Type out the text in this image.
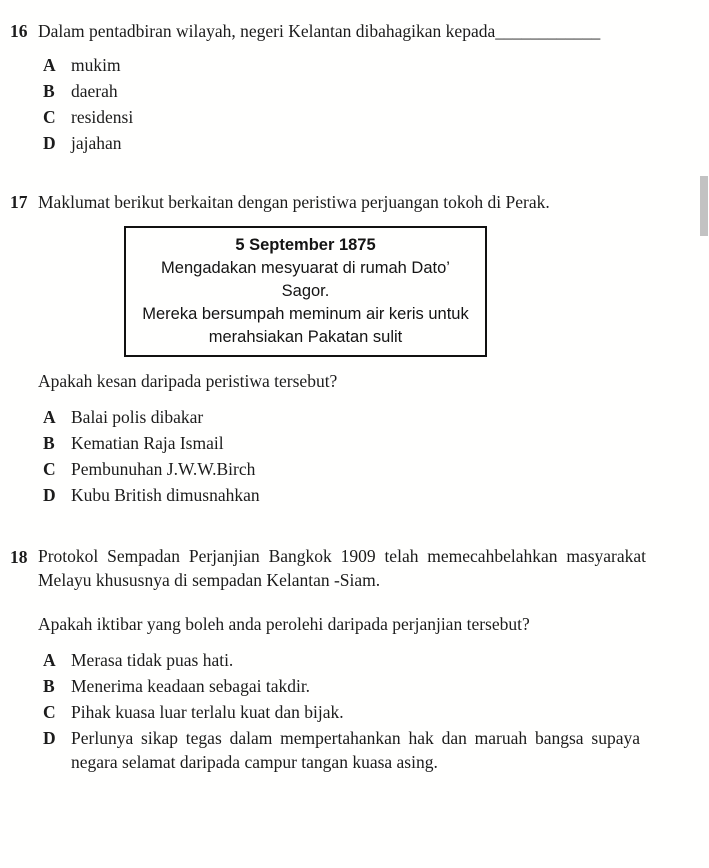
16 Dalam pentadbiran wilayah, negeri Kelantan dibahagikan kepada____________
A mukim
B daerah
C residensi
D jajahan
17 Maklumat berikut berkaitan dengan peristiwa perjuangan tokoh di Perak.
5 September 1875
Mengadakan mesyuarat di rumah Dato’ Sagor.
Mereka bersumpah meminum air keris untuk
merahsiakan Pakatan sulit
Apakah kesan daripada peristiwa tersebut?
A Balai polis dibakar
B Kematian Raja Ismail
C Pembunuhan J.W.W.Birch
D Kubu British dimusnahkan
18 Protokol Sempadan Perjanjian Bangkok 1909 telah memecahbelahkan masyarakat Melayu khususnya di sempadan Kelantan -Siam.
Apakah iktibar yang boleh anda perolehi daripada perjanjian tersebut?
A Merasa tidak puas hati.
B Menerima keadaan sebagai takdir.
C Pihak kuasa luar terlalu kuat dan bijak.
D Perlunya sikap tegas dalam mempertahankan hak dan maruah bangsa supaya negara selamat daripada campur tangan kuasa asing.
